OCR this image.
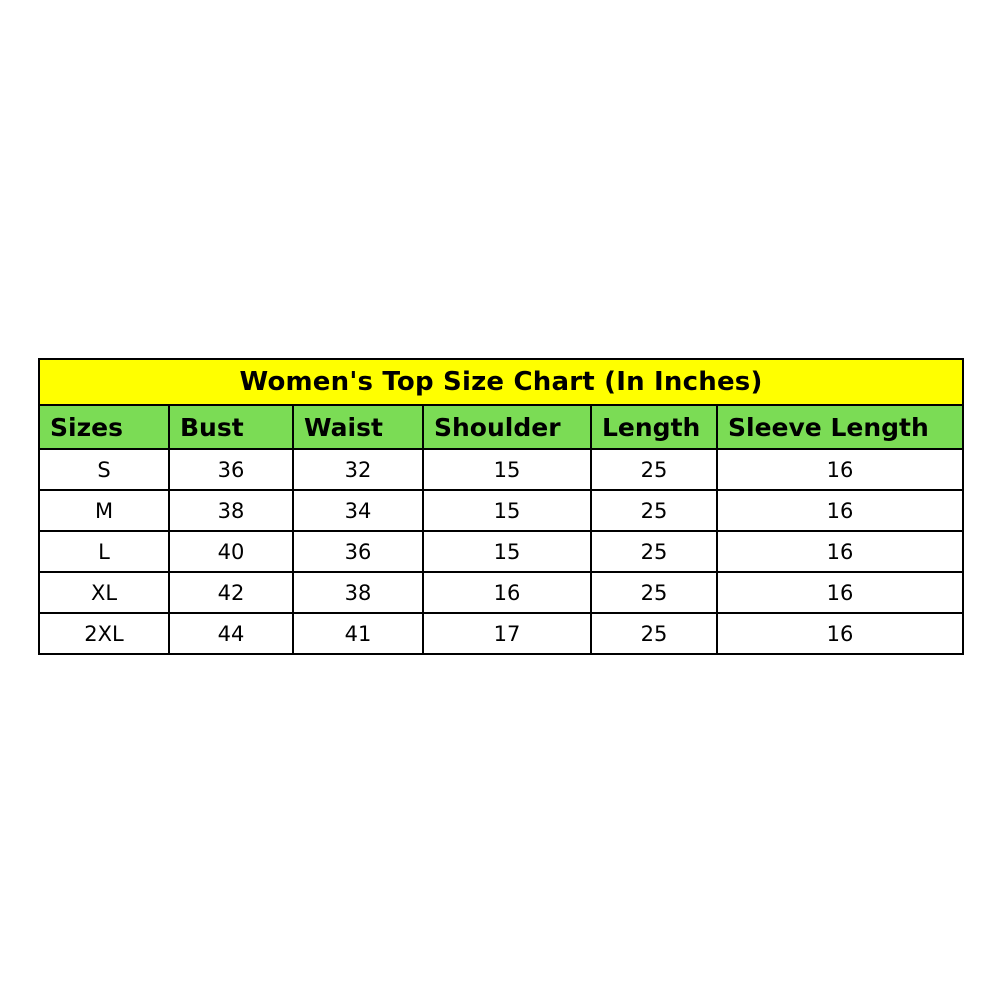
Women's Top Size Chart (In Inches)					
Sizes	Bust	Waist	Shoulder	Length	Sleeve Length
S	36	32	15	25	16
M	38	34	15	25	16
L	40	36	15	25	16
XL	42	38	16	25	16
2XL	44	41	17	25	16
